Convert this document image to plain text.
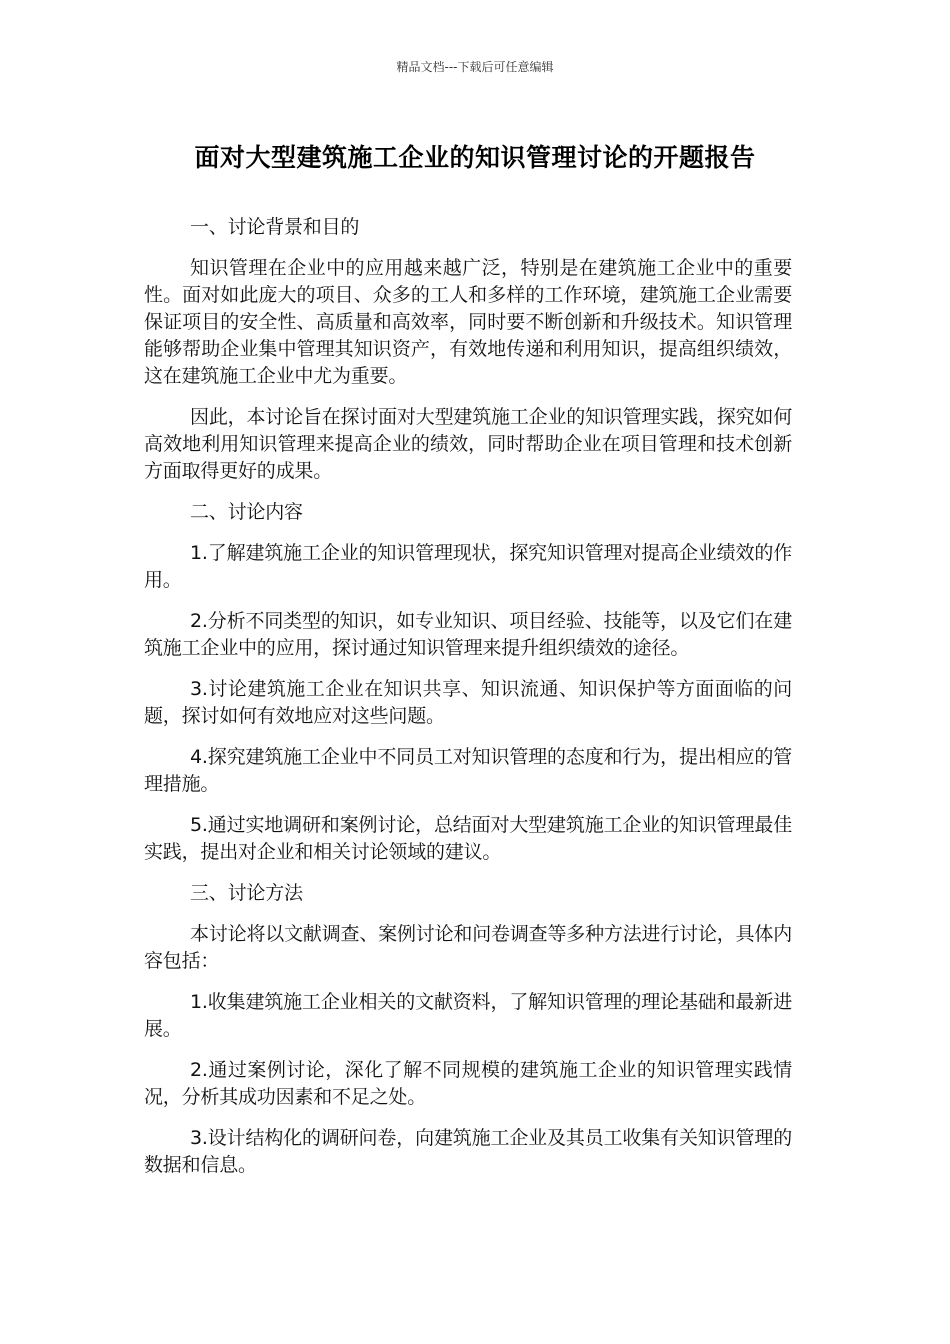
精品文档---下载后可任意编辑
面对大型建筑施工企业的知识管理讨论的开题报告

一、讨论背景和目的

知识管理在企业中的应用越来越广泛，特别是在建筑施工企业中的重要性。面对如此庞大的项目、众多的工人和多样的工作环境，建筑施工企业需要保证项目的安全性、高质量和高效率，同时要不断创新和升级技术。知识管理能够帮助企业集中管理其知识资产，有效地传递和利用知识，提高组织绩效，这在建筑施工企业中尤为重要。

因此，本讨论旨在探讨面对大型建筑施工企业的知识管理实践，探究如何高效地利用知识管理来提高企业的绩效，同时帮助企业在项目管理和技术创新方面取得更好的成果。

二、讨论内容

1.了解建筑施工企业的知识管理现状，探究知识管理对提高企业绩效的作用。

2.分析不同类型的知识，如专业知识、项目经验、技能等，以及它们在建筑施工企业中的应用，探讨通过知识管理来提升组织绩效的途径。

3.讨论建筑施工企业在知识共享、知识流通、知识保护等方面面临的问题，探讨如何有效地应对这些问题。

4.探究建筑施工企业中不同员工对知识管理的态度和行为，提出相应的管理措施。

5.通过实地调研和案例讨论，总结面对大型建筑施工企业的知识管理最佳实践，提出对企业和相关讨论领域的建议。

三、讨论方法

本讨论将以文献调查、案例讨论和问卷调查等多种方法进行讨论，具体内容包括：

1.收集建筑施工企业相关的文献资料，了解知识管理的理论基础和最新进展。

2.通过案例讨论，深化了解不同规模的建筑施工企业的知识管理实践情况，分析其成功因素和不足之处。

3.设计结构化的调研问卷，向建筑施工企业及其员工收集有关知识管理的数据和信息。
